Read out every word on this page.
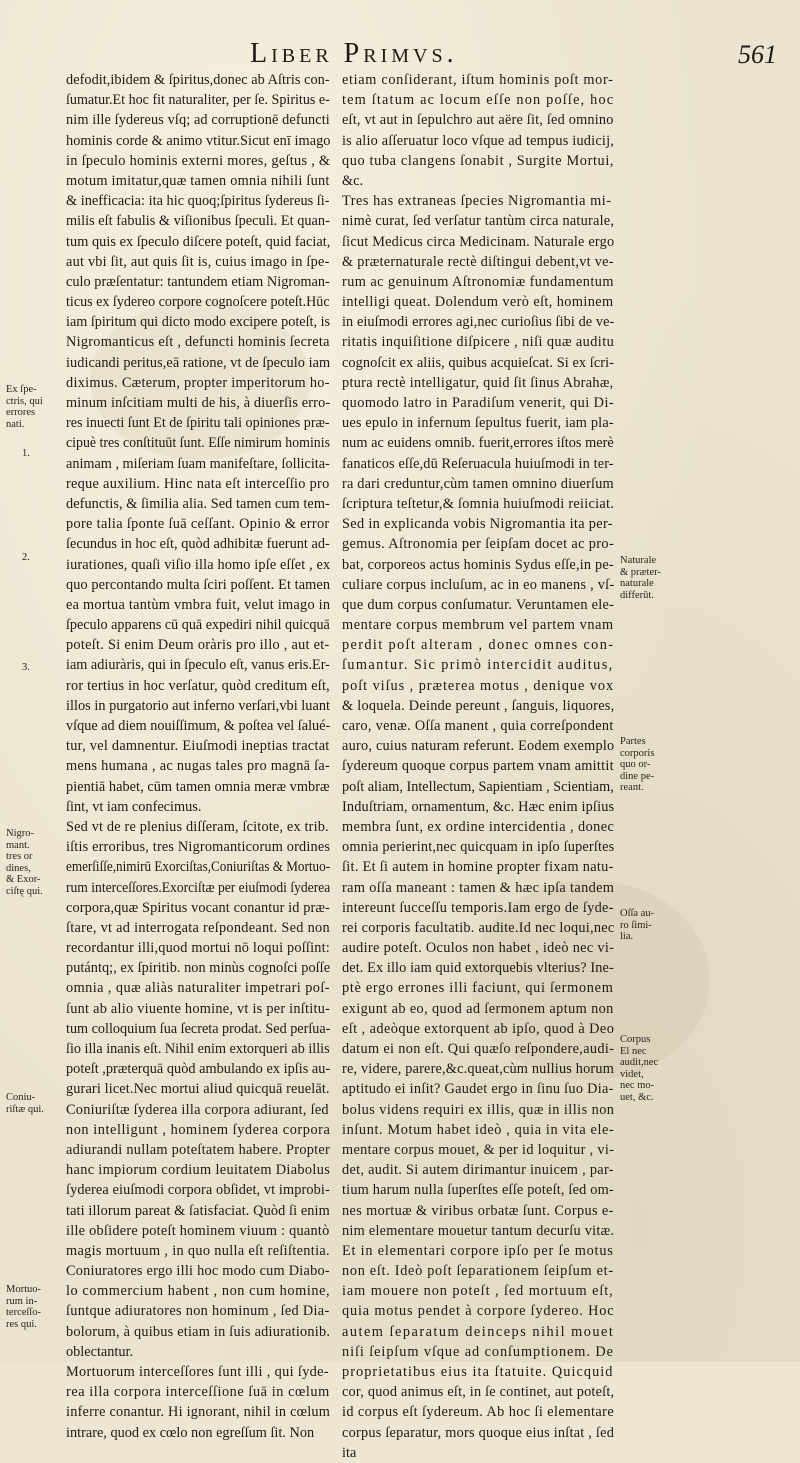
Liber Primvs.	561
defodit,ibidem & ſpiritus,donec ab Aſtris con-
ſumatur.Et hoc fit naturaliter, per ſe. Spiritus e-
nim ille ſydereus vſq; ad corruptionē defuncti
hominis corde & animo vtitur.Sicut enī imago
in ſpeculo hominis externi mores, geſtus , &
motum imitatur,quæ tamen omnia nihili ſunt
& inefficacia: ita hic quoq;ſpiritus ſydereus ſi-
milis eſt fabulis & viſionibus ſpeculi. Et quan-
tum quis ex ſpeculo diſcere poteſt, quid faciat,
aut vbi ſit, aut quis ſit is, cuius imago in ſpe-
culo præſentatur: tantundem etiam Nigroman-
ticus ex ſydereo corpore cognoſcere poteſt.Hūc
iam ſpiritum qui dicto modo excipere poteſt, is
Nigromanticus eſt , defuncti hominis ſecreta
iudicandi peritus,eā ratione, vt de ſpeculo iam
diximus. Cæterum, propter imperitorum ho-
minum inſcitiam multi de his, à diuerſis erro-
res inuecti ſunt Et de ſpiritu tali opiniones præ-
cipuè tres conſtituūt ſunt. Eſſe nimirum hominis
animam , miſeriam ſuam manifeſtare, ſollicita-
reque auxilium. Hinc nata eſt interceſſio pro
defunctis, & ſimilia alia. Sed tamen cum tem-
pore talia ſponte ſuā ceſſant. Opinio & error
ſecundus in hoc eſt, quòd adhibitæ fuerunt ad-
iurationes, quaſi viſio illa homo ipſe eſſet , ex
quo percontando multa ſciri poſſent. Et tamen
ea mortua tantùm vmbra fuit, velut imago in
ſpeculo apparens cū quā expediri nihil quicquā
poteſt. Si enim Deum oràris pro illo , aut et-
iam adiuràris, qui in ſpeculo eſt, vanus eris.Er-
ror tertius in hoc verſatur, quòd creditum eſt,
illos in purgatorio aut inferno verſari,vbi luant
vſque ad diem nouiſſimum, & poſtea vel ſalué-
tur, vel damnentur. Eiuſmodi ineptias tractat
mens humana , ac nugas tales pro magnā ſa-
pientiā habet, cūm tamen omnia meræ vmbræ
ſint, vt iam confecimus.
Sed vt de re plenius diſſeram, ſcitote, ex trib.
iſtis erroribus, tres Nigromanticorum ordines
emerſiſſe,nimirū Exorciſtas,Coniuriſtas & Mortuo-
rum interceſſores.Exorciſtæ per eiuſmodi ſyderea
corpora,quæ Spiritus vocant conantur id præ-
ſtare, vt ad interrogata reſpondeant. Sed non
recordantur illi,quod mortui nō loqui poſſint:
putántq;, ex ſpiritib. non minùs cognoſci poſſe
omnia , quæ aliàs naturaliter impetrari poſ-
ſunt ab alio viuente homine, vt is per inſtitu-
tum colloquium ſua ſecreta prodat. Sed perſua-
ſio illa inanis eſt. Nihil enim extorqueri ab illis
poteſt ,præterquā quòd ambulando ex ipſis au-
gurari licet.Nec mortui aliud quicquā reuelāt.
Coniuriſtæ ſyderea illa corpora adiurant, ſed
non intelligunt , hominem ſyderea corpora
adiurandi nullam poteſtatem habere. Propter
hanc impiorum cordium leuitatem Diabolus
ſyderea eiuſmodi corpora obſidet, vt improbi-
tati illorum pareat & ſatisfaciat. Quòd ſi enim
ille obſidere poteſt hominem viuum : quantò
magis mortuum , in quo nulla eſt reſiſtentia.
Coniuratores ergo illi hoc modo cum Diabo-
lo commercium habent , non cum homine,
ſuntque adiuratores non hominum , ſed Dia-
bolorum, à quibus etiam in ſuis adiurationib.
oblectantur.
Mortuorum interceſſores ſunt illi , qui ſyde-
rea illa corpora interceſſione ſuā in cœlum
inferre conantur. Hi ignorant, nihil in cœlum
intrare, quod ex cœlo non egreſſum ſit. Non
etiam conſiderant, iſtum hominis poſt mor-
tem ſtatum ac locum eſſe non poſſe, hoc
eſt, vt aut in ſepulchro aut aëre ſit, ſed omnino
is alio aſſeruatur loco vſque ad tempus iudicij,
quo tuba clangens ſonabit , Surgite Mortui,
&c.
Tres has extraneas ſpecies Nigromantia mi-
nimè curat, ſed verſatur tantùm circa naturale,
ſicut Medicus circa Medicinam. Naturale ergo
& præternaturale rectè diſtingui debent,vt ve-
rum ac genuinum Aſtronomiæ fundamentum
intelligi queat. Dolendum verò eſt, hominem
in eiuſmodi errores agi,nec curioſius ſibi de ve-
ritatis inquiſitione diſpicere , niſi quæ auditu
cognoſcit ex aliis, quibus acquieſcat. Si ex ſcri-
ptura rectè intelligatur, quid ſit ſinus Abrahæ,
quomodo latro in Paradiſum venerit, qui Di-
ues epulo in infernum ſepultus fuerit, iam pla-
num ac euidens omnib. fuerit,errores iſtos merè
fanaticos eſſe,dū Reſeruacula huiuſmodi in ter-
ra dari creduntur,cùm tamen omnino diuerſum
ſcriptura teſtetur,& ſomnia huiuſmodi reiiciat.
Sed in explicanda vobis Nigromantia ita per-
gemus. Aſtronomia per ſeipſam docet ac pro-
bat, corporeos actus hominis Sydus eſſe,in pe-
culiare corpus incluſum, ac in eo manens , vſ-
que dum corpus conſumatur. Veruntamen ele-
mentare corpus membrum vel partem vnam
perdit poſt alteram , donec omnes con-
ſumantur. Sic primò intercidit auditus,
poſt viſus , præterea motus , denique vox
& loquela. Deinde pereunt , ſanguis, liquores,
caro, venæ. Oſſa manent , quia correſpondent
auro, cuius naturam referunt. Eodem exemplo
ſydereum quoque corpus partem vnam amittit
poſt aliam, Intellectum, Sapientiam , Scientiam,
Induſtriam, ornamentum, &c. Hæc enim ipſius
membra ſunt, ex ordine intercidentia , donec
omnia perierint,nec quicquam in ipſo ſuperſtes
ſit. Et ſi autem in homine propter fixam natu-
ram oſſa maneant : tamen & hæc ipſa tandem
intereunt ſucceſſu temporis.Iam ergo de ſyde-
rei corporis facultatib. audite.Id nec loqui,nec
audire poteſt. Oculos non habet , ideò nec vi-
det. Ex illo iam quid extorquebis vlterius? Ine-
ptè ergo errones illi faciunt, qui ſermonem
exigunt ab eo, quod ad ſermonem aptum non
eſt , adeòque extorquent ab ipſo, quod à Deo
datum ei non eſt. Qui quæſo reſpondere,audi-
re, videre, parere,&c.queat,cùm nullius horum
aptitudo ei inſit? Gaudet ergo in ſinu ſuo Dia-
bolus videns requiri ex illis, quæ in illis non
inſunt. Motum habet ideò , quia in vita ele-
mentare corpus mouet, & per id loquitur , vi-
det, audit. Si autem dirimantur inuicem , par-
tium harum nulla ſuperſtes eſſe poteſt, ſed om-
nes mortuæ & viribus orbatæ ſunt. Corpus e-
nim elementare mouetur tantum decurſu vitæ.
Et in elementari corpore ipſo per ſe motus
non eſt. Ideò poſt ſeparationem ſeipſum et-
iam mouere non poteſt , ſed mortuum eſt,
quia motus pendet à corpore ſydereo. Hoc
autem ſeparatum deinceps nihil mouet
niſi ſeipſum vſque ad conſumptionem. De
proprietatibus eius ita ſtatuite. Quicquid
cor, quod animus eſt, in ſe continet, aut poteſt,
id corpus eſt ſydereum. Ab hoc ſi elementare
corpus ſeparatur, mors quoque eius inſtat , ſed
ita
Ex ſpe-
ctris, qui
errores
nati.
1.
2.
3.
Nigro-
mant.
tres or
dines,
& Exor-
ciſtę qui.
Coniu-
riſtæ qui.
Mortuo-
rum in-
terceſſo-
res qui.
Naturale
& præter-
naturale
differūt.
Partes
corporis
quo or-
dine pe-
reant.
Oſſa au-
ro ſimi-
lia.
Corpus
El nec
audit,nec
videt,
nec mo-
uet, &c.
